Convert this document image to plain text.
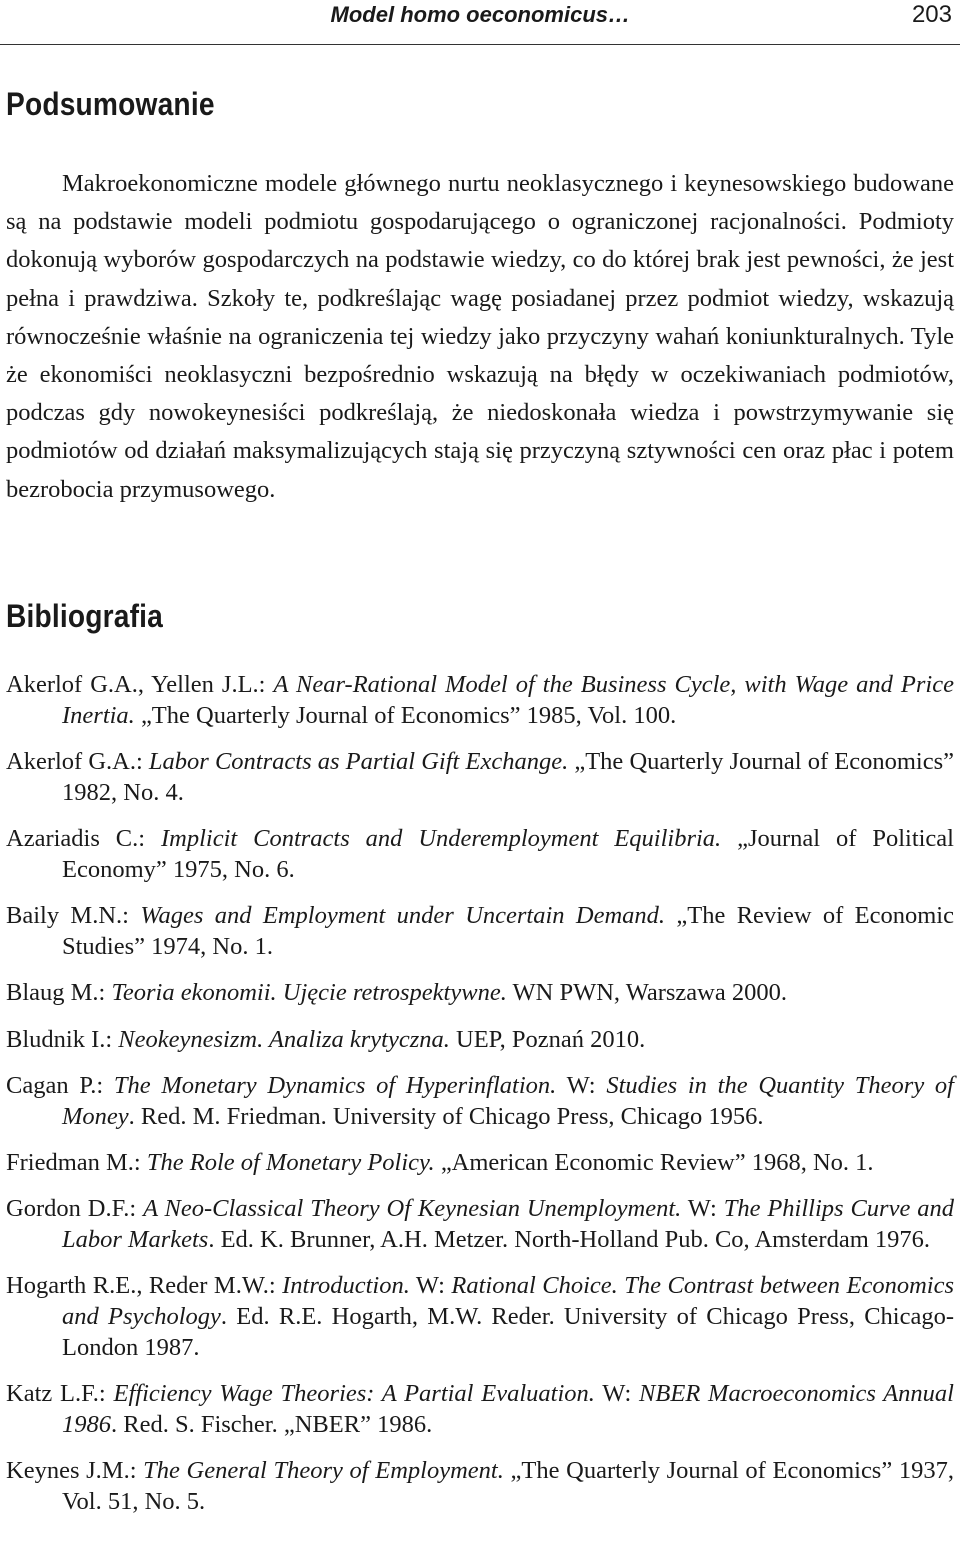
Model homo oeconomicus…	203
Podsumowanie

Makroekonomiczne modele głównego nurtu neoklasycznego i keynesowskiego budowane są na podstawie modeli podmiotu gospodarującego o ograniczonej racjonalności. Podmioty dokonują wyborów gospodarczych na podstawie wiedzy, co do której brak jest pewności, że jest pełna i prawdziwa. Szkoły te, podkreślając wagę posiadanej przez podmiot wiedzy, wskazują równocześnie właśnie na ograniczenia tej wiedzy jako przyczyny wahań koniunkturalnych. Tyle że ekonomiści neoklasyczni bezpośrednio wskazują na błędy w oczekiwaniach podmiotów, podczas gdy nowokeynesiści podkreślają, że niedoskonała wiedza i powstrzymywanie się podmiotów od działań maksymalizujących stają się przyczyną sztywności cen oraz płac i potem bezrobocia przymusowego.

Bibliografia
Akerlof G.A., Yellen J.L.: A Near-Rational Model of the Business Cycle, with Wage and Price Inertia. „The Quarterly Journal of Economics” 1985, Vol. 100.
Akerlof G.A.: Labor Contracts as Partial Gift Exchange. „The Quarterly Journal of Economics” 1982, No. 4.
Azariadis C.: Implicit Contracts and Underemployment Equilibria. „Journal of Political Economy” 1975, No. 6.
Baily M.N.: Wages and Employment under Uncertain Demand. „The Review of Economic Studies” 1974, No. 1.
Blaug M.: Teoria ekonomii. Ujęcie retrospektywne. WN PWN, Warszawa 2000.
Bludnik I.: Neokeynesizm. Analiza krytyczna. UEP, Poznań 2010.
Cagan P.: The Monetary Dynamics of Hyperinflation. W: Studies in the Quantity Theory of Money. Red. M. Friedman. University of Chicago Press, Chicago 1956.
Friedman M.: The Role of Monetary Policy. „American Economic Review” 1968, No. 1.
Gordon D.F.: A Neo-Classical Theory Of Keynesian Unemployment. W: The Phillips Curve and Labor Markets. Ed. K. Brunner, A.H. Metzer. North-Holland Pub. Co, Amsterdam 1976.
Hogarth R.E., Reder M.W.: Introduction. W: Rational Choice. The Contrast between Economics and Psychology. Ed. R.E. Hogarth, M.W. Reder. University of Chicago Press, Chicago-London 1987.
Katz L.F.: Efficiency Wage Theories: A Partial Evaluation. W: NBER Macroeconomics Annual 1986. Red. S. Fischer. „NBER” 1986.
Keynes J.M.: The General Theory of Employment. „The Quarterly Journal of Economics” 1937, Vol. 51, No. 5.
